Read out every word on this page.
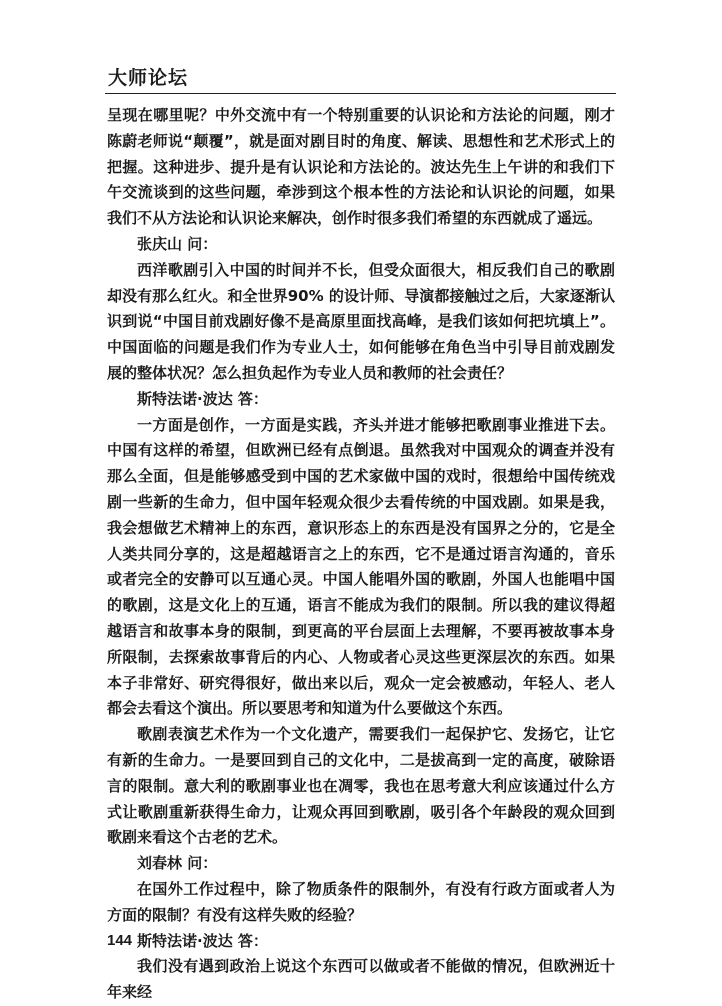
大师论坛

呈现在哪里呢？中外交流中有一个特别重要的认识论和方法论的问题，刚才陈蔚老师说“颠覆”，就是面对剧目时的角度、解读、思想性和艺术形式上的把握。这种进步、提升是有认识论和方法论的。波达先生上午讲的和我们下午交流谈到的这些问题，牵涉到这个根本性的方法论和认识论的问题，如果我们不从方法论和认识论来解决，创作时很多我们希望的东西就成了遥远。

张庆山 问：

西洋歌剧引入中国的时间并不长，但受众面很大，相反我们自己的歌剧却没有那么红火。和全世界90% 的设计师、导演都接触过之后，大家逐渐认识到说“中国目前戏剧好像不是高原里面找高峰，是我们该如何把坑填上”。中国面临的问题是我们作为专业人士，如何能够在角色当中引导目前戏剧发展的整体状况？怎么担负起作为专业人员和教师的社会责任？

斯特法诺·波达 答：

一方面是创作，一方面是实践，齐头并进才能够把歌剧事业推进下去。中国有这样的希望，但欧洲已经有点倒退。虽然我对中国观众的调查并没有那么全面，但是能够感受到中国的艺术家做中国的戏时，很想给中国传统戏剧一些新的生命力，但中国年轻观众很少去看传统的中国戏剧。如果是我，我会想做艺术精神上的东西，意识形态上的东西是没有国界之分的，它是全人类共同分享的，这是超越语言之上的东西，它不是通过语言沟通的，音乐或者完全的安静可以互通心灵。中国人能唱外国的歌剧，外国人也能唱中国的歌剧，这是文化上的互通，语言不能成为我们的限制。所以我的建议得超越语言和故事本身的限制，到更高的平台层面上去理解，不要再被故事本身所限制，去探索故事背后的内心、人物或者心灵这些更深层次的东西。如果本子非常好、研究得很好，做出来以后，观众一定会被感动，年轻人、老人都会去看这个演出。所以要思考和知道为什么要做这个东西。

歌剧表演艺术作为一个文化遗产，需要我们一起保护它、发扬它，让它有新的生命力。一是要回到自己的文化中，二是拔高到一定的高度，破除语言的限制。意大利的歌剧事业也在凋零，我也在思考意大利应该通过什么方式让歌剧重新获得生命力，让观众再回到歌剧，吸引各个年龄段的观众回到歌剧来看这个古老的艺术。

刘春林 问：

在国外工作过程中，除了物质条件的限制外，有没有行政方面或者人为方面的限制？有没有这样失败的经验？

斯特法诺·波达 答：

我们没有遇到政治上说这个东西可以做或者不能做的情况，但欧洲近十年来经

144
